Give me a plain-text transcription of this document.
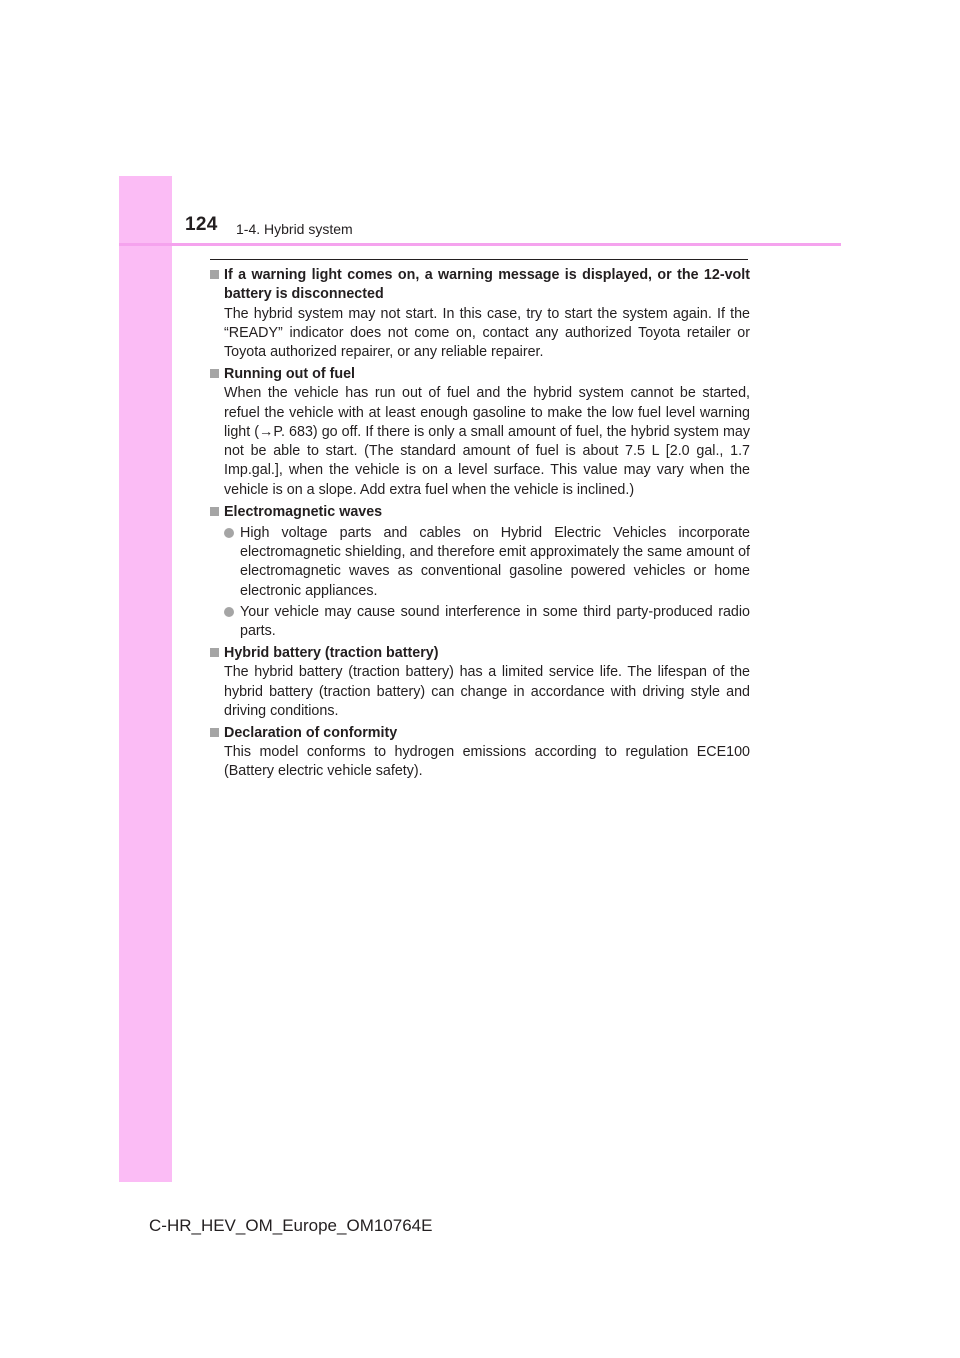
124 1-4. Hybrid system
If a warning light comes on, a warning message is displayed, or the 12-volt battery is disconnected
The hybrid system may not start. In this case, try to start the system again. If the “READY” indicator does not come on, contact any authorized Toyota retailer or Toyota authorized repairer, or any reliable repairer.
Running out of fuel
When the vehicle has run out of fuel and the hybrid system cannot be started, refuel the vehicle with at least enough gasoline to make the low fuel level warning light (→P. 683) go off. If there is only a small amount of fuel, the hybrid system may not be able to start. (The standard amount of fuel is about 7.5 L [2.0 gal., 1.7 Imp.gal.], when the vehicle is on a level surface. This value may vary when the vehicle is on a slope. Add extra fuel when the vehicle is inclined.)
Electromagnetic waves
High voltage parts and cables on Hybrid Electric Vehicles incorporate electromagnetic shielding, and therefore emit approximately the same amount of electromagnetic waves as conventional gasoline powered vehicles or home electronic appliances.
Your vehicle may cause sound interference in some third party-produced radio parts.
Hybrid battery (traction battery)
The hybrid battery (traction battery) has a limited service life. The lifespan of the hybrid battery (traction battery) can change in accordance with driving style and driving conditions.
Declaration of conformity
This model conforms to hydrogen emissions according to regulation ECE100 (Battery electric vehicle safety).
C-HR_HEV_OM_Europe_OM10764E
